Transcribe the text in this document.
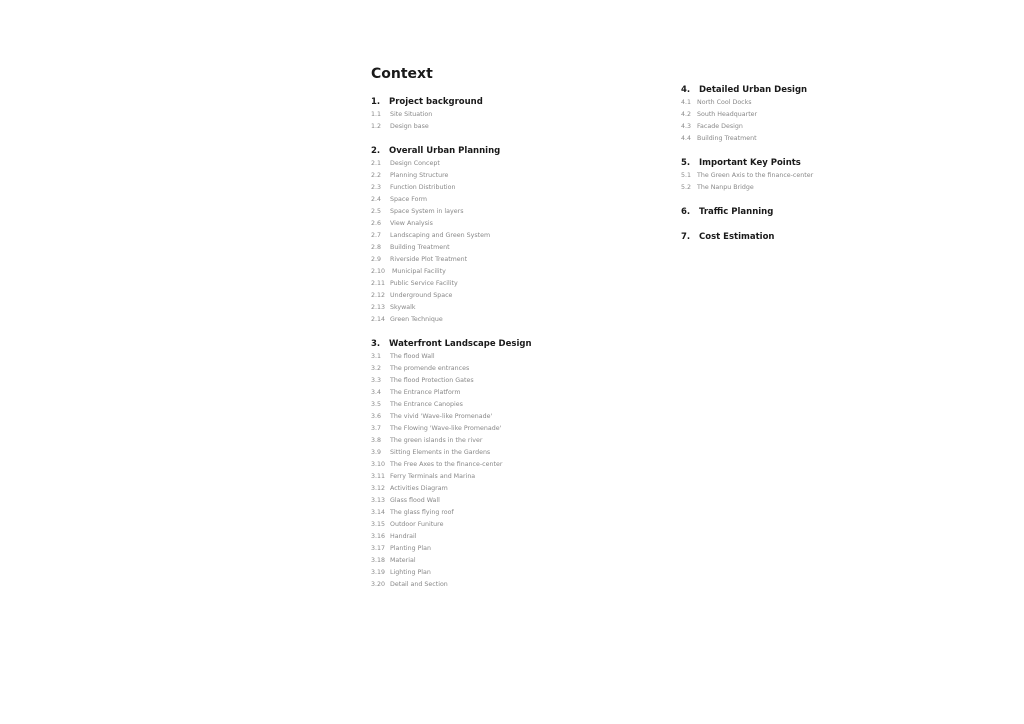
Context
1. Project background
1.1 Site Situation
1.2 Design base
2. Overall Urban Planning
2.1 Design Concept
2.2 Planning Structure
2.3 Function Distribution
2.4 Space Form
2.5 Space System in layers
2.6 View Analysis
2.7 Landscaping and Green System
2.8 Building Treatment
2.9 Riverside Plot Treatment
2.10 Municipal Facility
2.11 Public Service Facility
2.12 Underground Space
2.13 Skywalk
2.14 Green Technique
3. Waterfront Landscape Design
3.1 The flood Wall
3.2 The promende entrances
3.3 The flood Protection Gates
3.4 The Entrance Platform
3.5 The Entrance Canopies
3.6 The vivid 'Wave-like Promenade'
3.7 The Flowing 'Wave-like Promenade'
3.8 The green islands in the river
3.9 Sitting Elements in the Gardens
3.10 The Free Axes to the finance-center
3.11 Ferry Terminals and Marina
3.12 Activities Diagram
3.13 Glass flood Wall
3.14 The glass flying roof
3.15 Outdoor Funiture
3.16 Handrail
3.17 Planting Plan
3.18 Material
3.19 Lighting Plan
3.20 Detail and Section
4. Detailed Urban Design
4.1 North Cool Docks
4.2 South Headquarter
4.3 Facade Design
4.4 Building Treatment
5. Important Key Points
5.1 The Green Axis to the finance-center
5.2 The Nanpu Bridge
6. Traffic Planning
7. Cost Estimation
